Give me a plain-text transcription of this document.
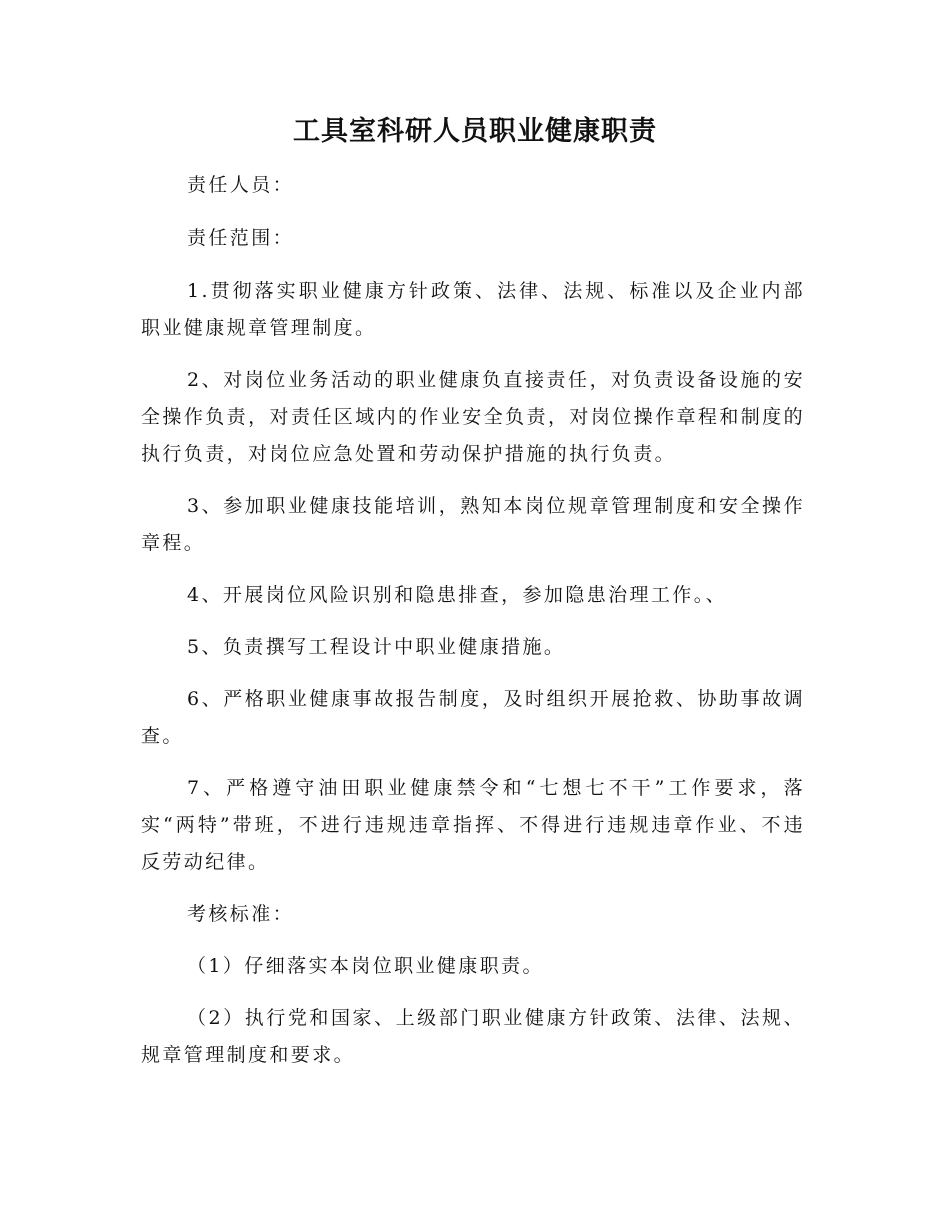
工具室科研人员职业健康职责

责任人员：

责任范围：

1.贯彻落实职业健康方针政策、法律、法规、标准以及企业内部职业健康规章管理制度。

2、对岗位业务活动的职业健康负直接责任，对负责设备设施的安全操作负责，对责任区域内的作业安全负责，对岗位操作章程和制度的执行负责，对岗位应急处置和劳动保护措施的执行负责。

3、参加职业健康技能培训，熟知本岗位规章管理制度和安全操作章程。

4、开展岗位风险识别和隐患排查，参加隐患治理工作。、

5、负责撰写工程设计中职业健康措施。

6、严格职业健康事故报告制度，及时组织开展抢救、协助事故调查。

7、严格遵守油田职业健康禁令和“七想七不干”工作要求，落实“两特”带班，不进行违规违章指挥、不得进行违规违章作业、不违反劳动纪律。

考核标准：

（1）仔细落实本岗位职业健康职责。

（2）执行党和国家、上级部门职业健康方针政策、法律、法规、规章管理制度和要求。
